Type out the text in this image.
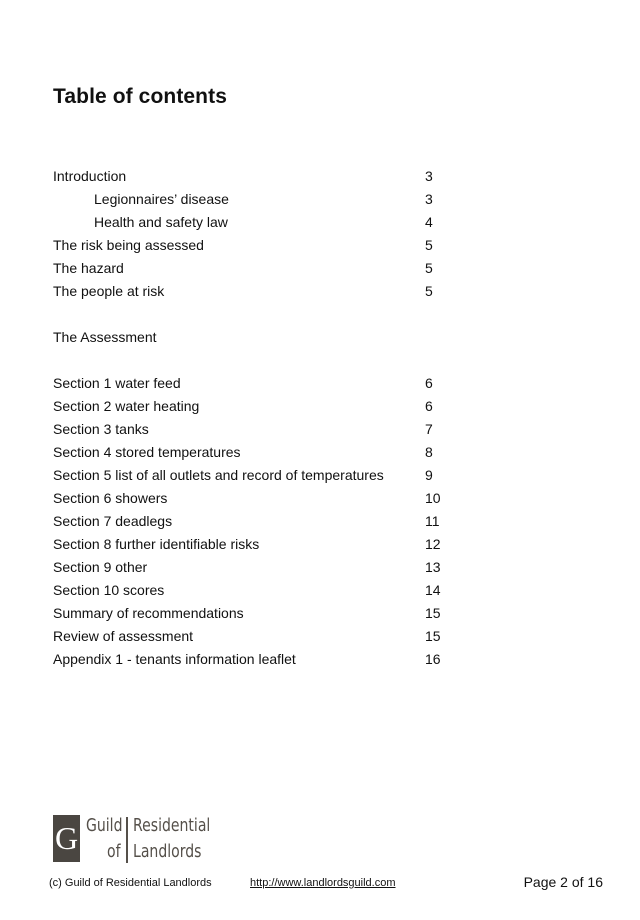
Table of contents
Introduction	3
Legionnaires’ disease	3
Health and safety law	4
The risk being assessed	5
The hazard	5
The people at risk	5
The Assessment
Section 1 water feed	6
Section 2 water heating	6
Section 3 tanks	7
Section 4 stored temperatures	8
Section 5 list of all outlets and record of temperatures	9
Section 6 showers	10
Section 7 deadlegs	11
Section 8 further identifiable risks	12
Section 9 other	13
Section 10 scores	14
Summary of recommendations	15
Review of assessment	15
Appendix 1 - tenants information leaflet	16
G Guild
of
Residential
Landlords
(c) Guild of Residential Landlords	http://www.landlordsguild.com	Page 2 of 16
